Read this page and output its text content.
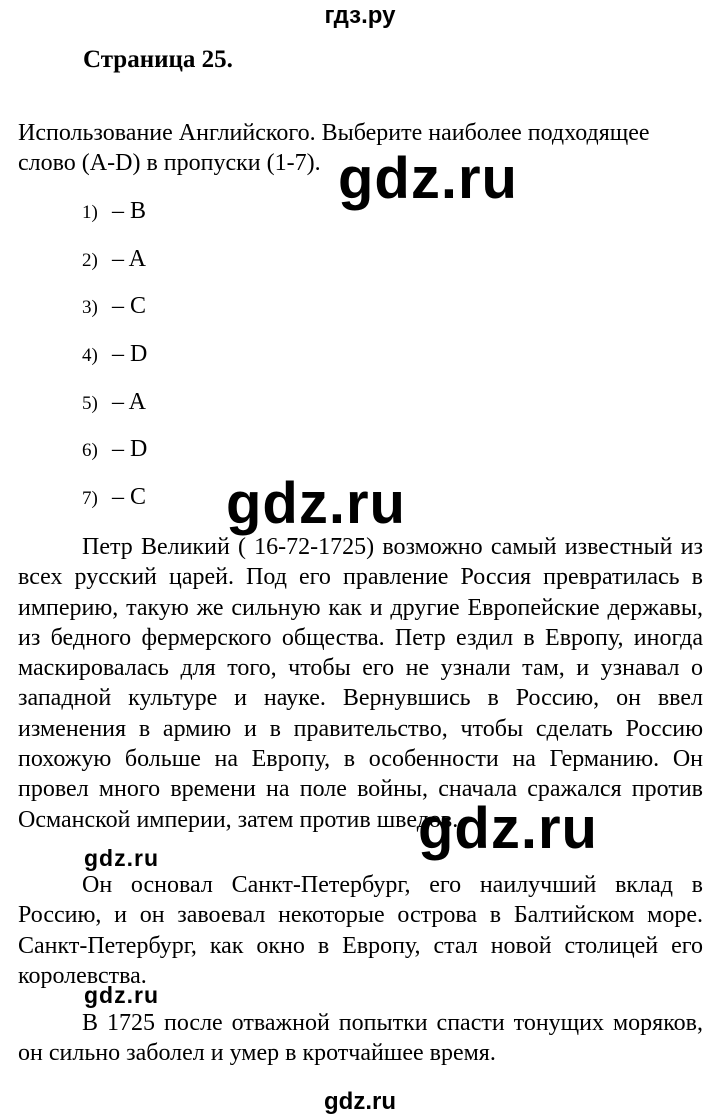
гдз.ру
Страница 25.
Использование Английского. Выберите наиболее подходящее слово (A-D) в пропуски (1-7).
1) – B
2) – A
3) – C
4) – D
5) – A
6) – D
7) – C

Петр Великий ( 16-72-1725) возможно самый известный из всех русский царей. Под его правление Россия превратилась в империю, такую же сильную как и другие Европейские державы, из бедного фермерского общества. Петр ездил в Европу, иногда маскировалась для того, чтобы его не узнали там, и узнавал о западной культуре и науке. Вернувшись в Россию, он ввел изменения в армию и в правительство, чтобы сделать Россию похожую больше на Европу, в особенности на Германию. Он провел много времени на поле войны, сначала сражался против Османской империи, затем против шведов.

Он основал Санкт-Петербург, его наилучший вклад в Россию, и он завоевал некоторые острова в Балтийском море. Санкт-Петербург, как окно в Европу, стал новой столицей его королевства.

В 1725 после отважной попытки спасти тонущих моряков, он сильно заболел и умер в кротчайшее время.

gdz.ru
gdz.ru
gdz.ru
gdz.ru
gdz.ru
gdz.ru
